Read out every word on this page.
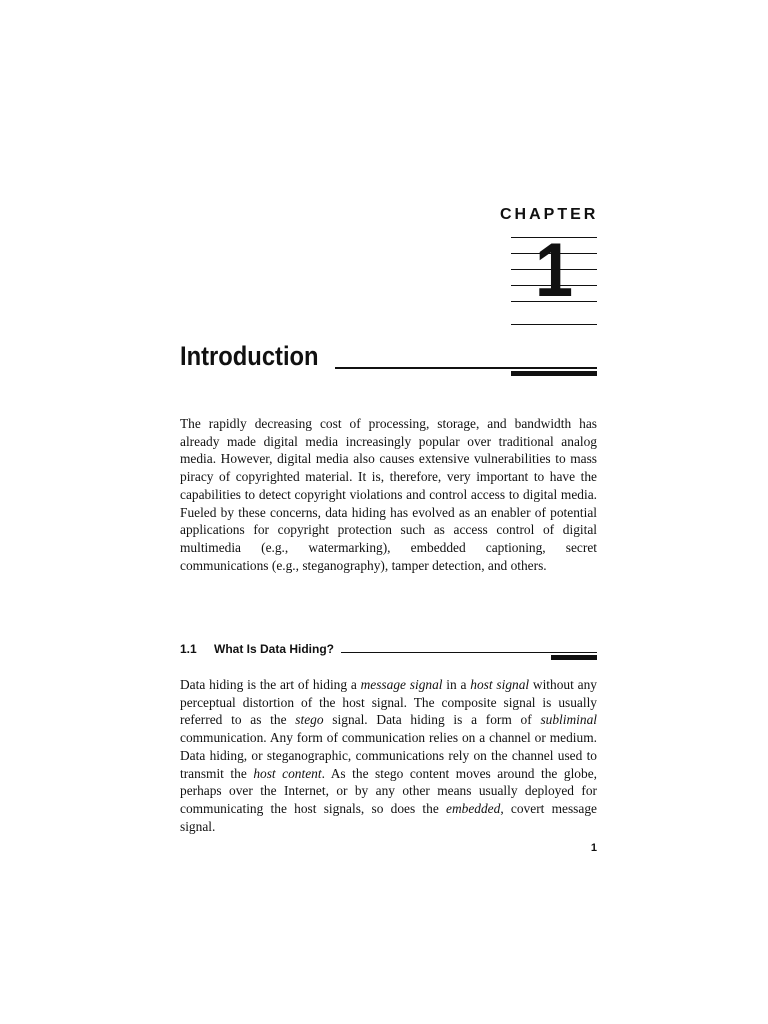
CHAPTER
1
Introduction

The rapidly decreasing cost of processing, storage, and bandwidth has already made digital media increasingly popular over traditional analog media. However, digital media also causes extensive vulnerabilities to mass piracy of copyrighted material. It is, therefore, very important to have the capabilities to detect copyright violations and control access to digital media. Fueled by these concerns, data hiding has evolved as an enabler of potential applications for copyright protection such as access control of digital multimedia (e.g., watermarking), embedded captioning, secret communications (e.g., steganography), tamper detection, and others.

1.1 What Is Data Hiding?

Data hiding is the art of hiding a message signal in a host signal without any perceptual distortion of the host signal. The composite signal is usually referred to as the stego signal. Data hiding is a form of subliminal communication. Any form of communication relies on a channel or medium. Data hiding, or steganographic, communications rely on the channel used to transmit the host content. As the stego content moves around the globe, perhaps over the Internet, or by any other means usually deployed for communicating the host signals, so does the embedded, covert message signal.

1
